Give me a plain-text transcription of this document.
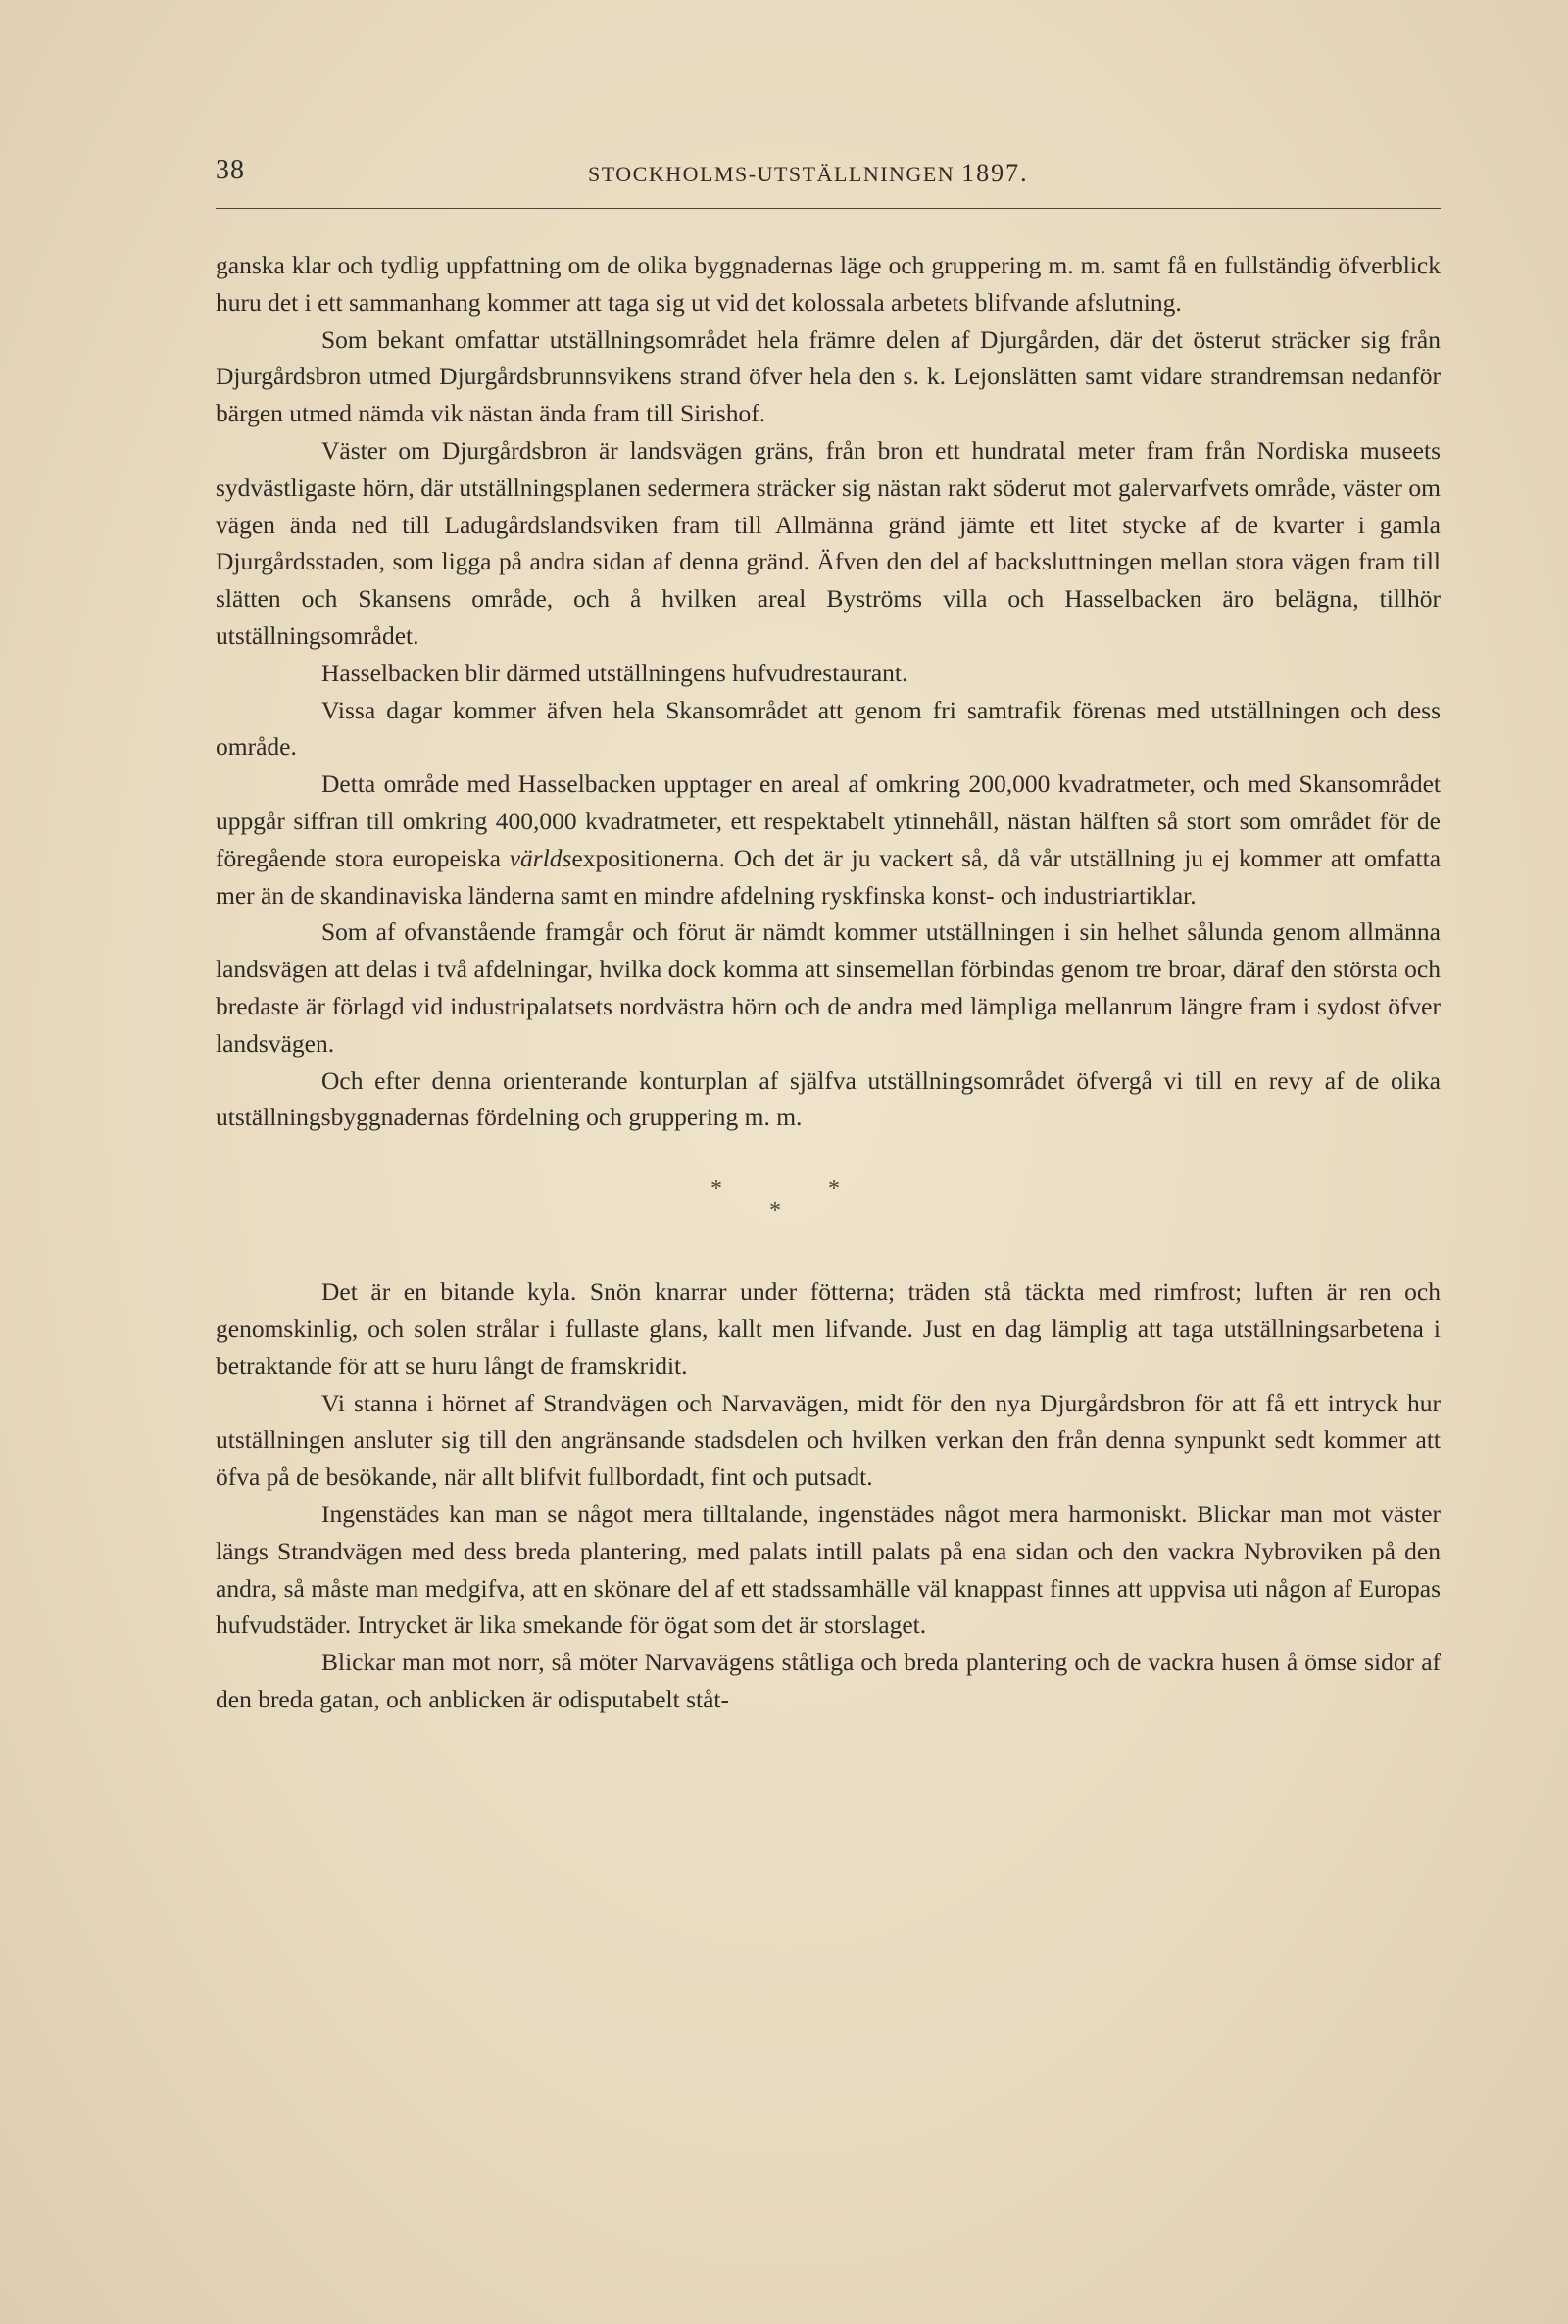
38	STOCKHOLMS-UTSTÄLLNINGEN 1897.

ganska klar och tydlig uppfattning om de olika byggnadernas läge och gruppering m. m. samt få en fullständig öfverblick huru det i ett sammanhang kommer att taga sig ut vid det kolossala arbetets blifvande afslutning.

Som bekant omfattar utställningsområdet hela främre delen af Djurgården, där det österut sträcker sig från Djurgårdsbron utmed Djurgårdsbrunnsvikens strand öfver hela den s. k. Lejonslätten samt vidare strandremsan nedanför bärgen utmed nämda vik nästan ända fram till Sirishof.

Väster om Djurgårdsbron är landsvägen gräns, från bron ett hundratal meter fram från Nordiska museets sydvästligaste hörn, där utställningsplanen sedermera sträcker sig nästan rakt söderut mot galervarfvets område, väster om vägen ända ned till Ladugårdslandsviken fram till Allmänna gränd jämte ett litet stycke af de kvarter i gamla Djurgårdsstaden, som ligga på andra sidan af denna gränd. Äfven den del af backsluttningen mellan stora vägen fram till slätten och Skansens område, och å hvilken areal Byströms villa och Hasselbacken äro belägna, tillhör utställningsområdet.

Hasselbacken blir därmed utställningens hufvudrestaurant.

Vissa dagar kommer äfven hela Skansområdet att genom fri samtrafik förenas med utställningen och dess område.

Detta område med Hasselbacken upptager en areal af omkring 200,000 kvadratmeter, och med Skansområdet uppgår siffran till omkring 400,000 kvadratmeter, ett respektabelt ytinnehåll, nästan hälften så stort som området för de föregående stora europeiska världsexpositionerna. Och det är ju vackert så, då vår utställning ju ej kommer att omfatta mer än de skandinaviska länderna samt en mindre afdelning ryskfinska konst- och industriartiklar.

Som af ofvanstående framgår och förut är nämdt kommer utställningen i sin helhet sålunda genom allmänna landsvägen att delas i två afdelningar, hvilka dock komma att sinsemellan förbindas genom tre broar, däraf den största och bredaste är förlagd vid industripalatsets nordvästra hörn och de andra med lämpliga mellanrum längre fram i sydost öfver landsvägen.

Och efter denna orienterande konturplan af själfva utställningsområdet öfvergå vi till en revy af de olika utställningsbyggnadernas fördelning och gruppering m. m.

*	*
*

Det är en bitande kyla. Snön knarrar under fötterna; träden stå täckta med rimfrost; luften är ren och genomskinlig, och solen strålar i fullaste glans, kallt men lifvande. Just en dag lämplig att taga utställningsarbetena i betraktande för att se huru långt de framskridit.

Vi stanna i hörnet af Strandvägen och Narvavägen, midt för den nya Djurgårdsbron för att få ett intryck hur utställningen ansluter sig till den angränsande stadsdelen och hvilken verkan den från denna synpunkt sedt kommer att öfva på de besökande, när allt blifvit fullbordadt, fint och putsadt.

Ingenstädes kan man se något mera tilltalande, ingenstädes något mera harmoniskt. Blickar man mot väster längs Strandvägen med dess breda plantering, med palats intill palats på ena sidan och den vackra Nybroviken på den andra, så måste man medgifva, att en skönare del af ett stadssamhälle väl knappast finnes att uppvisa uti någon af Europas hufvudstäder. Intrycket är lika smekande för ögat som det är storslaget.

Blickar man mot norr, så möter Narvavägens ståtliga och breda plantering och de vackra husen å ömse sidor af den breda gatan, och anblicken är odisputabelt ståt-
